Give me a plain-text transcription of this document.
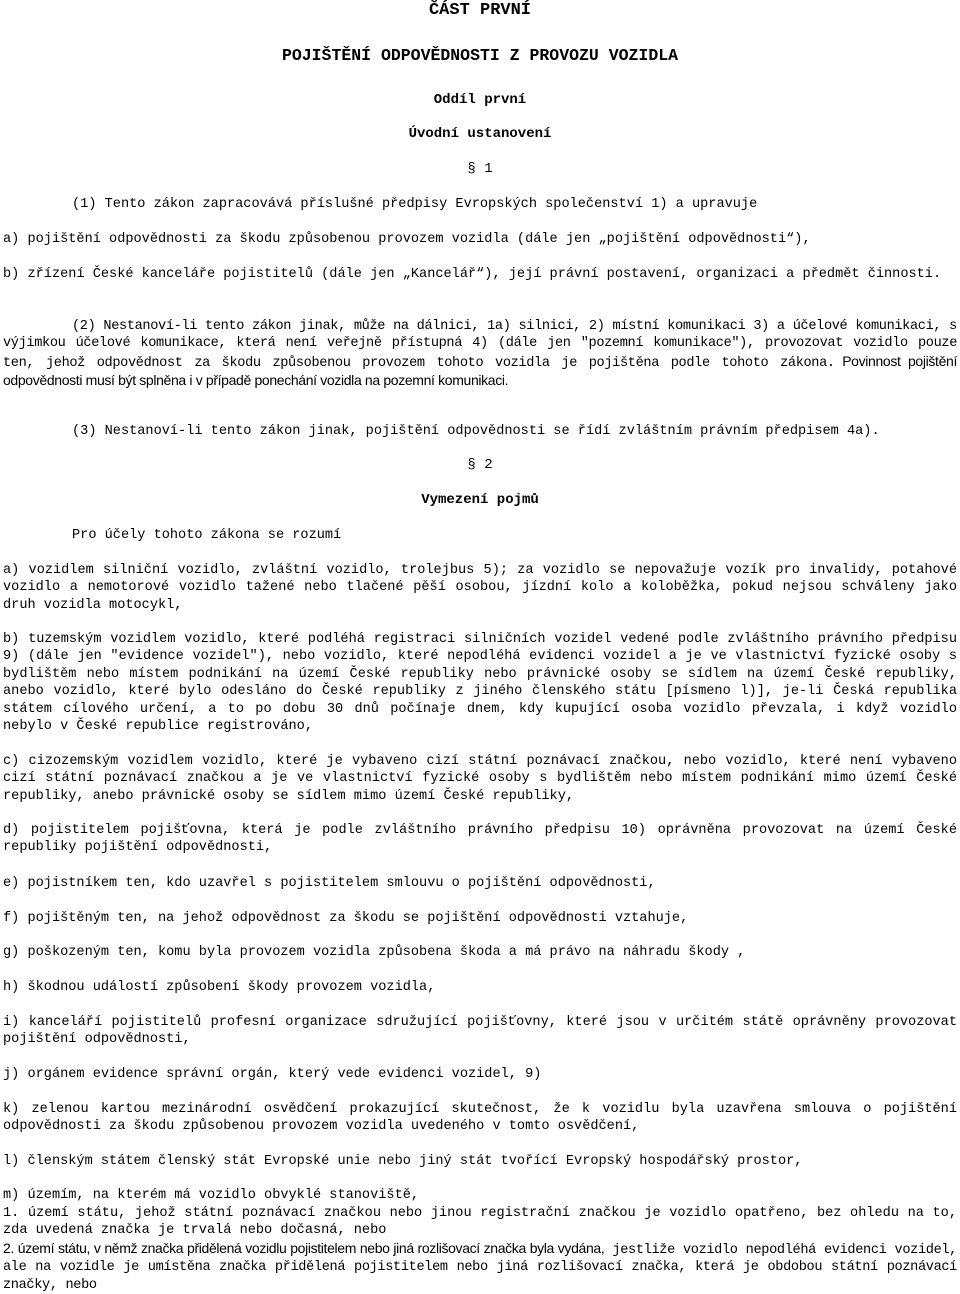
ČÁST PRVNÍ
POJIŠTĚNÍ ODPOVĚDNOSTI Z PROVOZU VOZIDLA
Oddíl první
Úvodní ustanovení
§ 1
(1) Tento zákon zapracovává příslušné předpisy Evropských společenství 1) a upravuje
a) pojištění odpovědnosti za škodu způsobenou provozem vozidla (dále jen „pojištění odpovědnosti“),
b) zřízení České kanceláře pojistitelů (dále jen „Kancelář“), její právní postavení, organizaci a předmět činnosti.
(2) Nestanoví-li tento zákon jinak, může na dálnici, 1a) silnici, 2) místní komunikaci 3) a účelové komunikaci, s výjimkou účelové komunikace, která není veřejně přístupná 4) (dále jen "pozemní komunikace"), provozovat vozidlo pouze ten, jehož odpovědnost za škodu způsobenou provozem tohoto vozidla je pojištěna podle tohoto zákona. Povinnost pojištění odpovědnosti musí být splněna i v případě ponechání vozidla na pozemní komunikaci.
(3) Nestanoví-li tento zákon jinak, pojištění odpovědnosti se řídí zvláštním právním předpisem 4a).
§ 2
Vymezení pojmů
Pro účely tohoto zákona se rozumí
a) vozidlem silniční vozidlo, zvláštní vozidlo, trolejbus 5); za vozidlo se nepovažuje vozík pro invalidy, potahové vozidlo a nemotorové vozidlo tažené nebo tlačené pěší osobou, jízdní kolo a koloběžka, pokud nejsou schváleny jako druh vozidla motocykl,
b) tuzemským vozidlem vozidlo, které podléhá registraci silničních vozidel vedené podle zvláštního právního předpisu 9) (dále jen "evidence vozidel"), nebo vozidlo, které nepodléhá evidenci vozidel a je ve vlastnictví fyzické osoby s bydlištěm nebo místem podnikání na území České republiky nebo právnické osoby se sídlem na území České republiky, anebo vozidlo, které bylo odesláno do České republiky z jiného členského státu [písmeno l)], je-li Česká republika státem cílového určení, a to po dobu 30 dnů počínaje dnem, kdy kupující osoba vozidlo převzala, i když vozidlo nebylo v České republice registrováno,
c) cizozemským vozidlem vozidlo, které je vybaveno cizí státní poznávací značkou, nebo vozidlo, které není vybaveno cizí státní poznávací značkou a je ve vlastnictví fyzické osoby s bydlištěm nebo místem podnikání mimo území České republiky, anebo právnické osoby se sídlem mimo území České republiky,
d) pojistitelem pojišťovna, která je podle zvláštního právního předpisu 10) oprávněna provozovat na území České republiky pojištění odpovědnosti,
e) pojistníkem ten, kdo uzavřel s pojistitelem smlouvu o pojištění odpovědnosti,
f) pojištěným ten, na jehož odpovědnost za škodu se pojištění odpovědnosti vztahuje,
g) poškozeným ten, komu byla provozem vozidla způsobena škoda a má právo na náhradu škody ,
h) škodnou událostí způsobení škody provozem vozidla,
i) kanceláří pojistitelů profesní organizace sdružující pojišťovny, které jsou v určitém státě oprávněny provozovat pojištění odpovědnosti,
j) orgánem evidence správní orgán, který vede evidenci vozidel, 9)
k) zelenou kartou mezinárodní osvědčení prokazující skutečnost, že k vozidlu byla uzavřena smlouva o pojištění odpovědnosti za škodu způsobenou provozem vozidla uvedeného v tomto osvědčení,
l) členským státem členský stát Evropské unie nebo jiný stát tvořící Evropský hospodářský prostor,
m) územím, na kterém má vozidlo obvyklé stanoviště,
1. území státu, jehož státní poznávací značkou nebo jinou registrační značkou je vozidlo opatřeno, bez ohledu na to, zda uvedená značka je trvalá nebo dočasná, nebo
2. území státu, v němž značka přidělená vozidlu pojistitelem nebo jiná rozlišovací značka byla vydána, jestliže vozidlo nepodléhá evidenci vozidel, ale na vozidle je umístěna značka přidělená pojistitelem nebo jiná rozlišovací značka, která je obdobou státní poznávací značky, nebo
